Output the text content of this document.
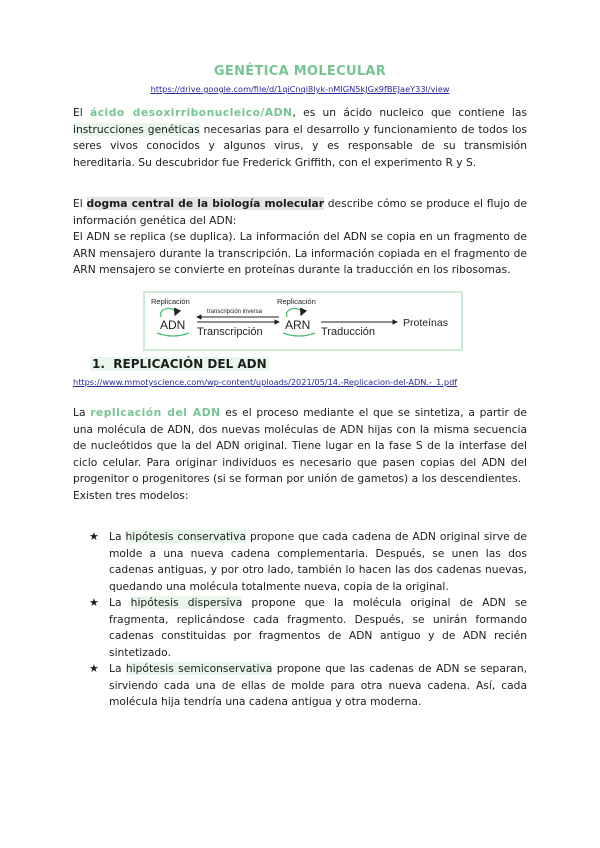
GENÉTICA MOLECULAR
https://drive.google.com/file/d/1qiCnqi8lyk-nMIGN5kJGx9fBEJaeY33l/view

El ácido desoxirribonucleico/ADN, es un ácido nucleico que contiene las instrucciones genéticas necesarias para el desarrollo y funcionamiento de todos los seres vivos conocidos y algunos virus, y es responsable de su transmisión hereditaria. Su descubridor fue Frederick Griffith, con el experimento R y S.

El dogma central de la biología molecular describe cómo se produce el flujo de información genética del ADN:
El ADN se replica (se duplica). La información del ADN se copia en un fragmento de ARN mensajero durante la transcripción. La información copiada en el fragmento de ARN mensajero se convierte en proteínas durante la traducción en los ribosomas.

Replicación
ADN
transcripción inversa
Transcripción
Replicación
ARN Traducción
Proteínas
1. REPLICACIÓN DEL ADN
https://www.mmotyscience.com/wp-content/uploads/2021/05/14.-Replicacion-del-ADN.-_1.pdf

La replicación del ADN es el proceso mediante el que se sintetiza, a partir de una molécula de ADN, dos nuevas moléculas de ADN hijas con la misma secuencia de nucleótidos que la del ADN original. Tiene lugar en la fase S de la interfase del ciclo celular. Para originar individuos es necesario que pasen copias del ADN del progenitor o progenitores (si se forman por unión de gametos) a los descendientes.
Existen tres modelos:

★ La hipótesis conservativa propone que cada cadena de ADN original sirve de molde a una nueva cadena complementaria. Después, se unen las dos cadenas antiguas, y por otro lado, también lo hacen las dos cadenas nuevas, quedando una molécula totalmente nueva, copia de la original.
★ La hipótesis dispersiva propone que la molécula original de ADN se fragmenta, replicándose cada fragmento. Después, se unirán formando cadenas constituidas por fragmentos de ADN antiguo y de ADN recién sintetizado.
★ La hipótesis semiconservativa propone que las cadenas de ADN se separan, sirviendo cada una de ellas de molde para otra nueva cadena. Así, cada molécula hija tendría una cadena antigua y otra moderna.
